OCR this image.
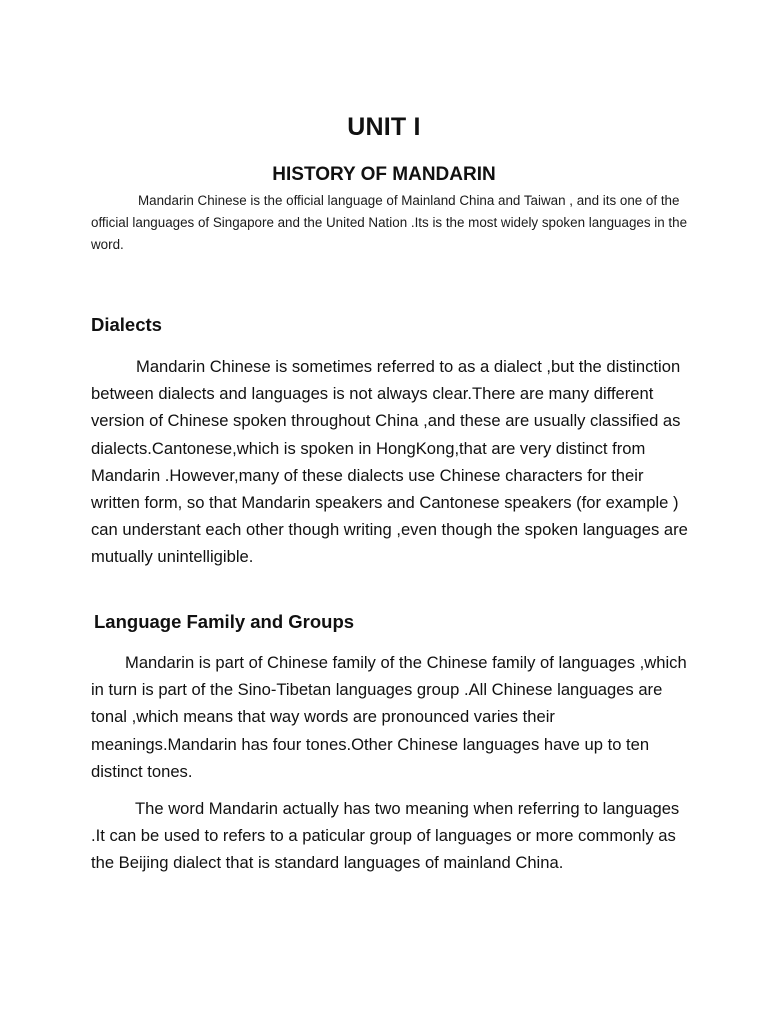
UNIT I
HISTORY OF MANDARIN

Mandarin Chinese is the official language of Mainland China and Taiwan , and its one of the official languages of Singapore and the United Nation .Its is the most widely spoken languages in the word.

Dialects

Mandarin Chinese is sometimes referred to as a dialect ,but the distinction between dialects and languages is not always clear.There are many different version of Chinese spoken throughout China ,and these are usually classified as dialects.Cantonese,which is spoken in HongKong,that are very distinct from Mandarin .However,many of these dialects use Chinese characters for their written form, so that Mandarin speakers and Cantonese speakers (for example ) can understant each other though writing ,even though the spoken languages are mutually unintelligible.

Language Family and Groups

Mandarin is part of Chinese family of the Chinese family of languages ,which in turn is part of the Sino-Tibetan languages group .All Chinese languages are tonal ,which means that way words are pronounced varies their meanings.Mandarin has four tones.Other Chinese languages have up to ten distinct tones.

The word Mandarin actually has two meaning when referring to languages .It can be used to refers to a paticular group of languages or more commonly as the Beijing dialect that is standard languages of mainland China.
